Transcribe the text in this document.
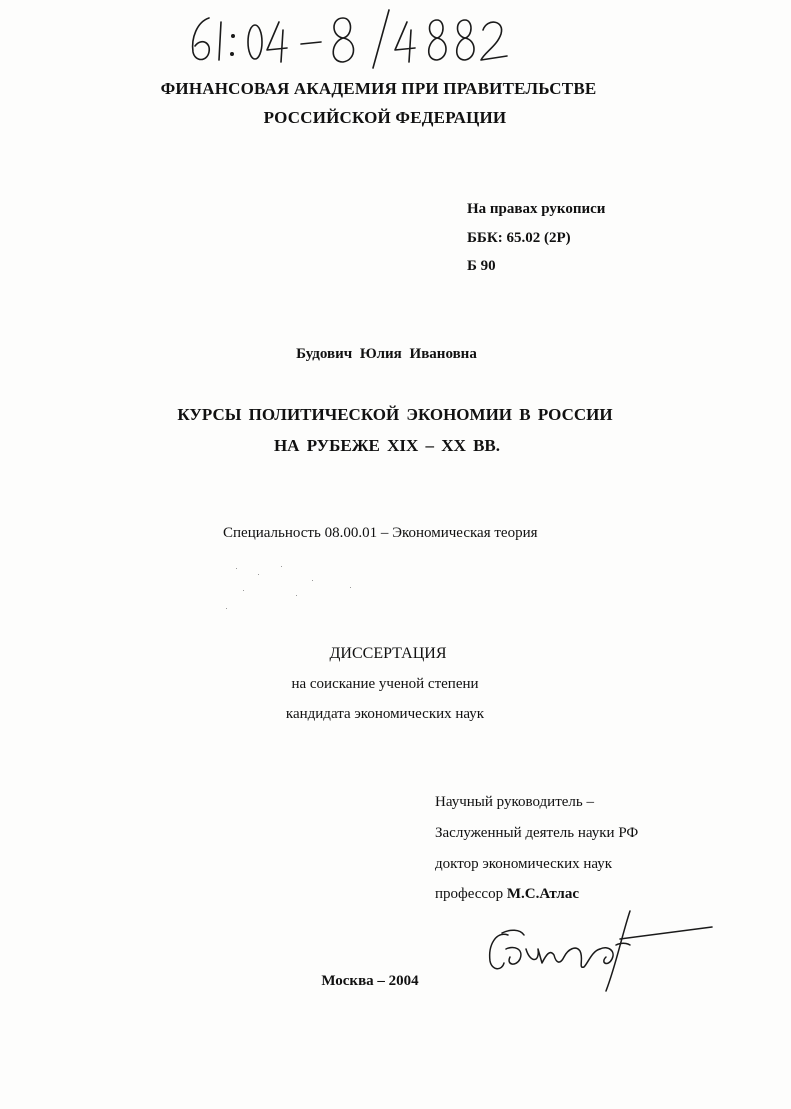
ФИНАНСОВАЯ АКАДЕМИЯ ПРИ ПРАВИТЕЛЬСТВЕ
РОССИЙСКОЙ ФЕДЕРАЦИИ
На правах рукописи
ББК: 65.02 (2Р)
Б 90
Будович Юлия Ивановна
КУРСЫ ПОЛИТИЧЕСКОЙ ЭКОНОМИИ В РОССИИ
НА РУБЕЖЕ XIX – XX ВВ.
Специальность 08.00.01 – Экономическая теория
ДИССЕРТАЦИЯ
на соискание ученой степени
кандидата экономических наук
Научный руководитель –
Заслуженный деятель науки РФ
доктор экономических наук
профессор М.С.Атлас
Москва – 2004
